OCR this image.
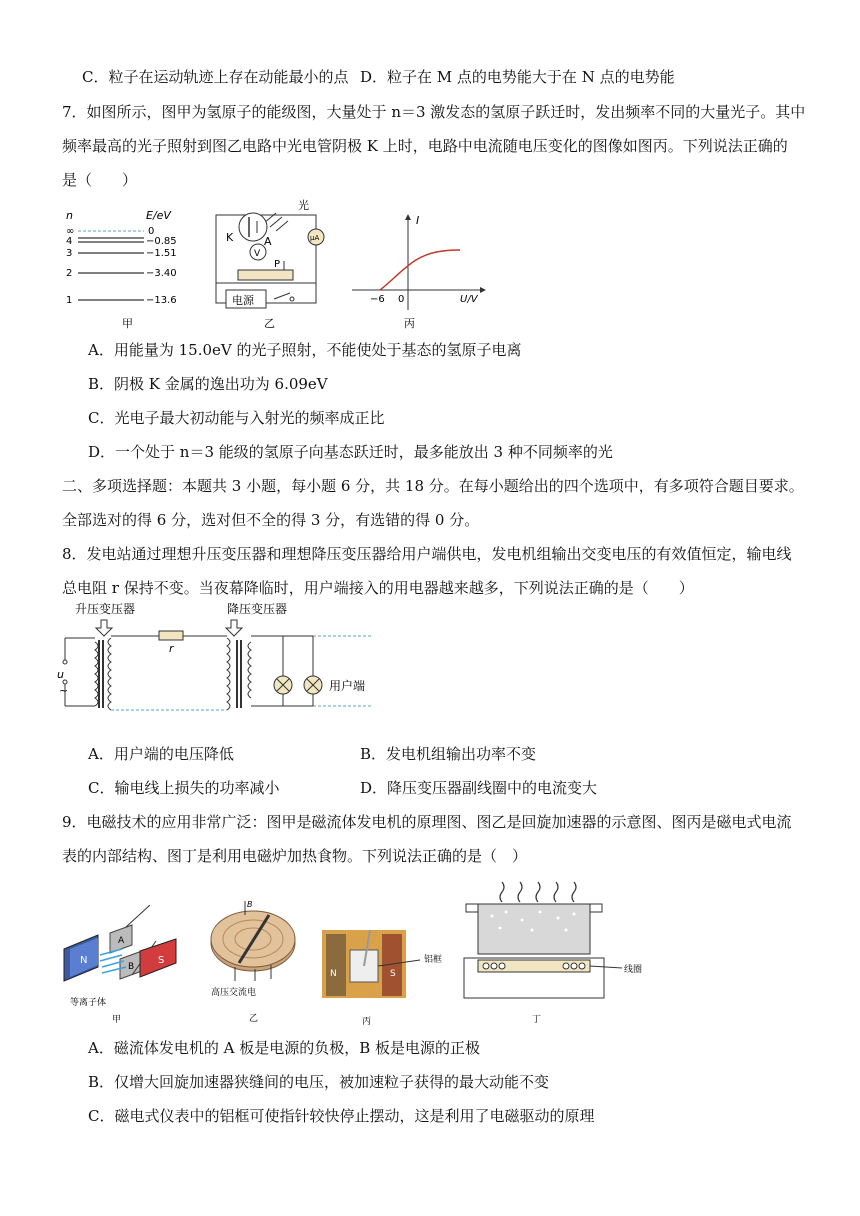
C．粒子在运动轨迹上存在动能最小的点 D．粒子在 M 点的电势能大于在 N 点的电势能
7．如图所示，图甲为氢原子的能级图，大量处于 n＝3 激发态的氢原子跃迁时，发出频率不同的大量光子。其中
频率最高的光子照射到图乙电路中光电管阴极 K 上时，电路中电流随电压变化的图像如图丙。下列说法正确的
是（　　）
n	E/eV
∞	0
4	−0.85
3	−1.51
2	−3.40
1	−13.6
甲
光
K	A
V
μA
P
电源
乙
I
−6 0	U/V
丙
A．用能量为 15.0eV 的光子照射，不能使处于基态的氢原子电离
B．阴极 K 金属的逸出功为 6.09eV
C．光电子最大初动能与入射光的频率成正比
D．一个处于 n＝3 能级的氢原子向基态跃迁时，最多能放出 3 种不同频率的光
二、多项选择题：本题共 3 小题，每小题 6 分，共 18 分。在每小题给出的四个选项中，有多项符合题目要求。
全部选对的得 6 分，选对但不全的得 3 分，有选错的得 0 分。
8．发电站通过理想升压变压器和理想降压变压器给用户端供电，发电机组输出交变电压的有效值恒定，输电线
总电阻 r 保持不变。当夜幕降临时，用户端接入的用电器越来越多，下列说法正确的是（　　）
升压变压器	降压变压器
u
~
r
用户端
A．用户端的电压降低	B．发电机组输出功率不变
C．输电线上损失的功率减小	D．降压变压器副线圈中的电流变大
9．电磁技术的应用非常广泛：图甲是磁流体发电机的原理图、图乙是回旋加速器的示意图、图丙是磁电式电流
表的内部结构、图丁是利用电磁炉加热食物。下列说法正确的是（　）
N
A
B
S
等离子体
甲
B
高压交流电
乙
N	S
铝框
丙
线圈
丁
A．磁流体发电机的 A 板是电源的负极，B 板是电源的正极
B．仅增大回旋加速器狭缝间的电压，被加速粒子获得的最大动能不变
C．磁电式仪表中的铝框可使指针较快停止摆动，这是利用了电磁驱动的原理
